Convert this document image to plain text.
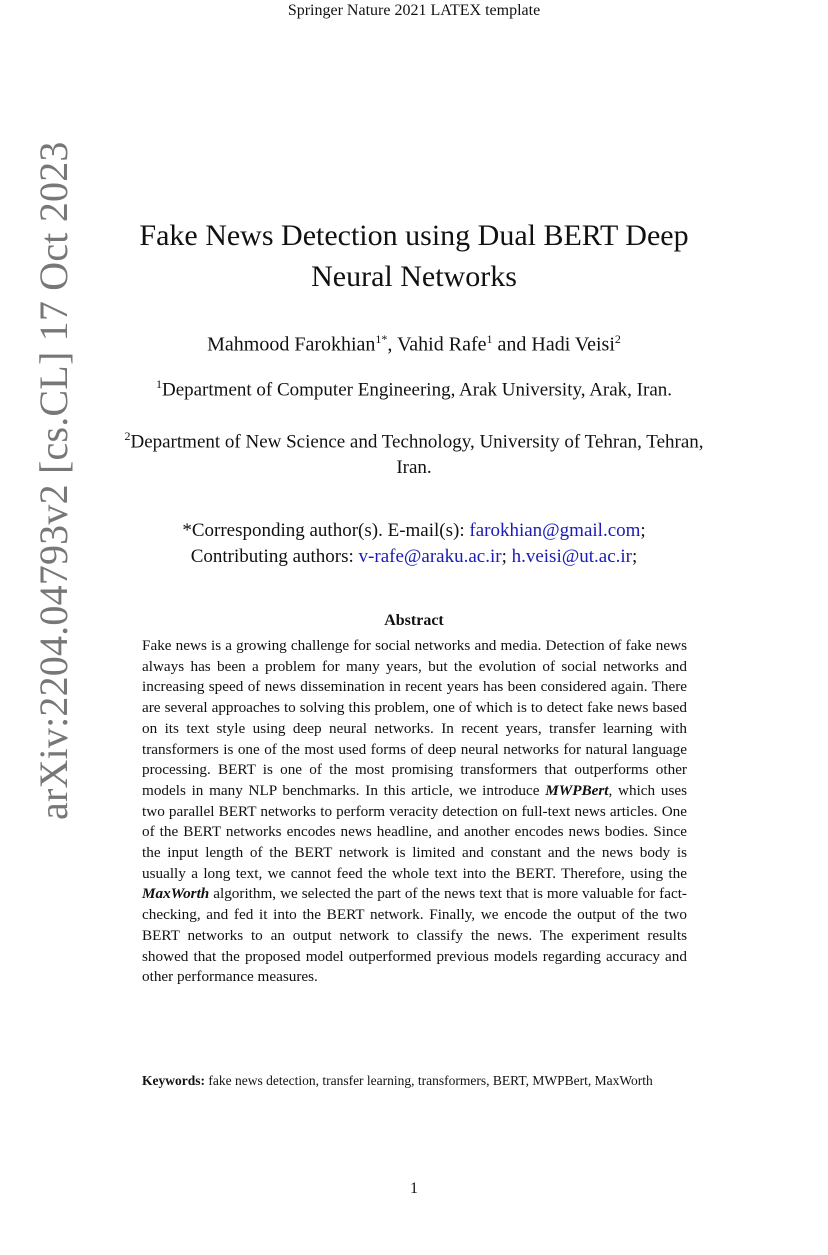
Springer Nature 2021 LATEX template
arXiv:2204.04793v2 [cs.CL] 17 Oct 2023	Fake News Detection using Dual BERT Deep Neural Networks
Mahmood Farokhian$^{1*}$, Vahid Rafe$^1$ and Hadi Veisi$^2$
$^1$Department of Computer Engineering, Arak University, Arak, Iran.
$^2$Department of New Science and Technology, University of Tehran, Tehran, Iran.
*Corresponding author(s). E-mail(s): farokhian@gmail.com;
Contributing authors: v-rafe@araku.ac.ir; h.veisi@ut.ac.ir;
Abstract
Fake news is a growing challenge for social networks and media. Detection of fake news always has been a problem for many years, but the evolution of social networks and increasing speed of news dissemination in recent years has been considered again. There are several approaches to solving this problem, one of which is to detect fake news based on its text style using deep neural networks. In recent years, transfer learning with transformers is one of the most used forms of deep neural networks for natural language processing. BERT is one of the most promising transformers that outperforms other models in many NLP benchmarks. In this article, we introduce MWPBert, which uses two parallel BERT networks to perform veracity detection on full-text news articles. One of the BERT networks encodes news headline, and another encodes news bodies. Since the input length of the BERT network is limited and constant and the news body is usually a long text, we cannot feed the whole text into the BERT. Therefore, using the MaxWorth algorithm, we selected the part of the news text that is more valuable for fact-checking, and fed it into the BERT network. Finally, we encode the output of the two BERT networks to an output network to classify the news. The experiment results showed that the proposed model outperformed previous models regarding accuracy and other performance measures.
Keywords: fake news detection, transfer learning, transformers, BERT, MWPBert, MaxWorth
1
